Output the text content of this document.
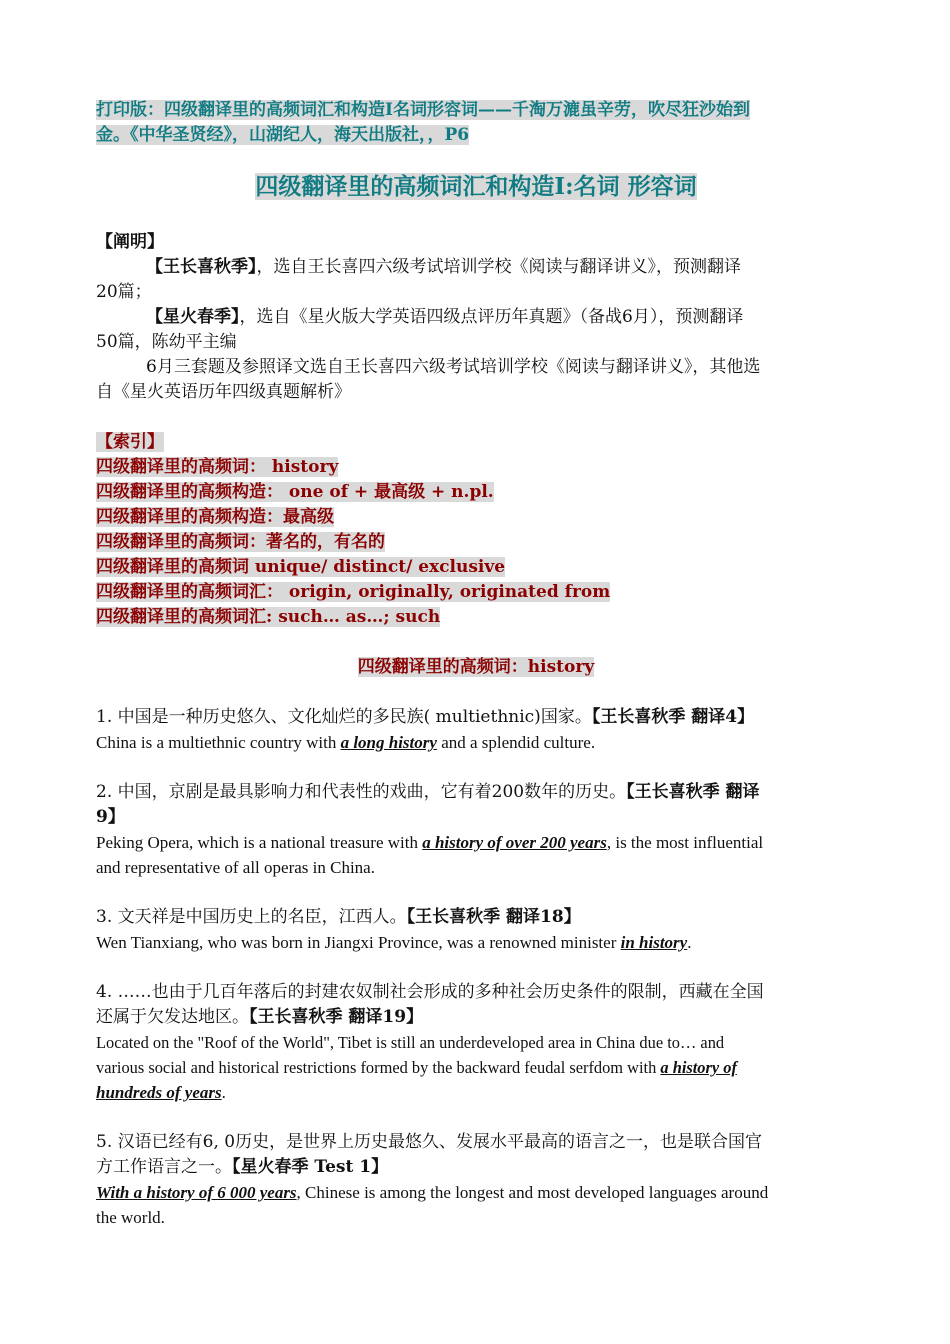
打印版：四级翻译里的高频词汇和构造Ⅰ名词形容词——千淘万漉虽辛劳，吹尽狂沙始到

金。《中华圣贤经》，山湖纪人，海天出版社，，P6

四级翻译里的高频词汇和构造Ⅰ:名词 形容词

【阐明】

【王长喜秋季】，选自王长喜四六级考试培训学校《阅读与翻译讲义》，预测翻译

20篇；

【星火春季】，选自《星火版大学英语四级点评历年真题》（备战6月），预测翻译

50篇，陈幼平主编

6月三套题及参照译文选自王长喜四六级考试培训学校《阅读与翻译讲义》，其他选

自《星火英语历年四级真题解析》

【索引】

四级翻译里的高频词： history

四级翻译里的高频构造： one of + 最高级 + n.pl.

四级翻译里的高频构造：最高级

四级翻译里的高频词：著名的，有名的

四级翻译里的高频词 unique/ distinct/ exclusive

四级翻译里的高频词汇： origin, originally, originated from

四级翻译里的高频词汇: such… as…; such

四级翻译里的高频词：history

1. 中国是一种历史悠久、文化灿烂的多民族( multiethnic)国家。【王长喜秋季 翻译4】

China is a multiethnic country with a long history and a splendid culture.

2. 中国，京剧是最具影响力和代表性的戏曲，它有着200数年的历史。【王长喜秋季 翻译

9】

Peking Opera, which is a national treasure with a history of over 200 years, is the most influential

and representative of all operas in China.

3. 文天祥是中国历史上的名臣，江西人。【王长喜秋季 翻译18】

Wen Tianxiang, who was born in Jiangxi Province, was a renowned minister in history.

4. ……也由于几百年落后的封建农奴制社会形成的多种社会历史条件的限制，西藏在全国

还属于欠发达地区。【王长喜秋季 翻译19】

Located on the "Roof of the World", Tibet is still an underdeveloped area in China due to… and

various social and historical restrictions formed by the backward feudal serfdom with a history of

hundreds of years.

5. 汉语已经有6, 0历史，是世界上历史最悠久、发展水平最高的语言之一，也是联合国官

方工作语言之一。【星火春季 Test 1】

With a history of 6 000 years, Chinese is among the longest and most developed languages around

the world.
